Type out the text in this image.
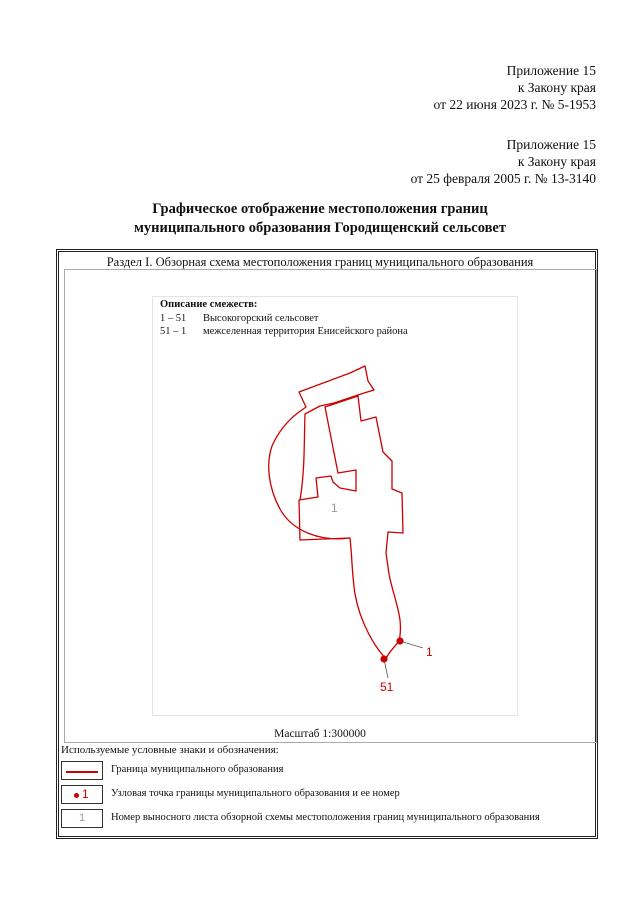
Приложение 15
к Закону края
от 22 июня 2023 г. № 5-1953
Приложение 15
к Закону края
от 25 февраля 2005 г. № 13-3140
Графическое отображение местоположения границ
муниципального образования Городищенский сельсовет
Раздел I. Обзорная схема местоположения границ муниципального образования
Описание смежеств:
1 – 51 Высокогорский сельсовет
51 – 1 межселенная территория Енисейского района
1
51
1
Масштаб 1:300000
Используемые условные знаки и обозначения:
Граница муниципального образования
1 Узловая точка границы муниципального образования и ее номер
1	Номер выносного листа обзорной схемы местоположения границ муниципального образования
